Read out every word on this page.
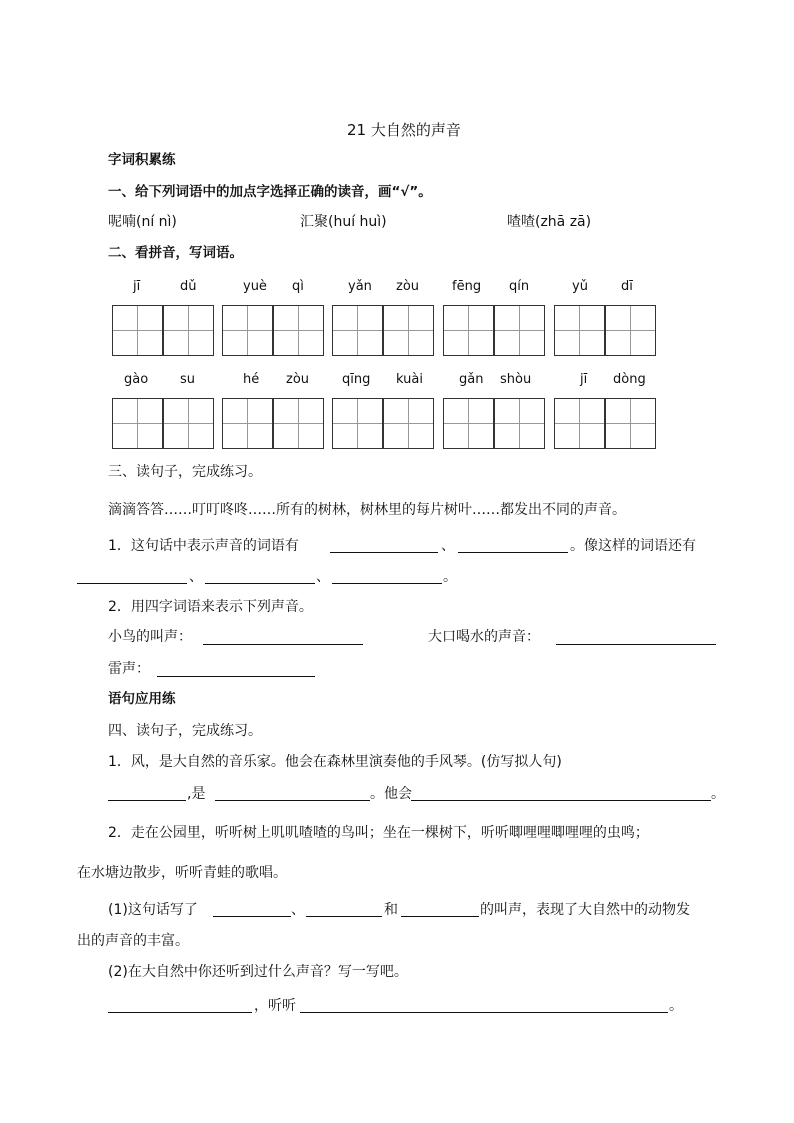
21 大自然的声音
字词积累练
一、给下列词语中的加点字选择正确的读音，画“√”。
呢喃(ní nì)	汇聚(huí huì)	喳喳(zhā zā)
二、看拼音，写词语。
jī	dǔ	yuè qì	yǎn zòu	fēng qín	yǔ	dī
gào su	hé zòu	qīng kuài	gǎn shòu	jī dòng
三、读句子，完成练习。
滴滴答答……叮叮咚咚……所有的树林，树林里的每片树叶……都发出不同的声音。
1．这句话中表示声音的词语有	、	。像这样的词语还有
、	、	。
2．用四字词语来表示下列声音。
小鸟的叫声：	大口喝水的声音：
雷声：
语句应用练
四、读句子，完成练习。
1．风，是大自然的音乐家。他会在森林里演奏他的手风琴。(仿写拟人句)
,是	。他会	。
2．走在公园里，听听树上叽叽喳喳的鸟叫；坐在一棵树下，听听唧哩哩唧哩哩的虫鸣；
在水塘边散步，听听青蛙的歌唱。
(1)这句话写了	、	和	的叫声，表现了大自然中的动物发
出的声音的丰富。
(2)在大自然中你还听到过什么声音？写一写吧。
，听听	。
